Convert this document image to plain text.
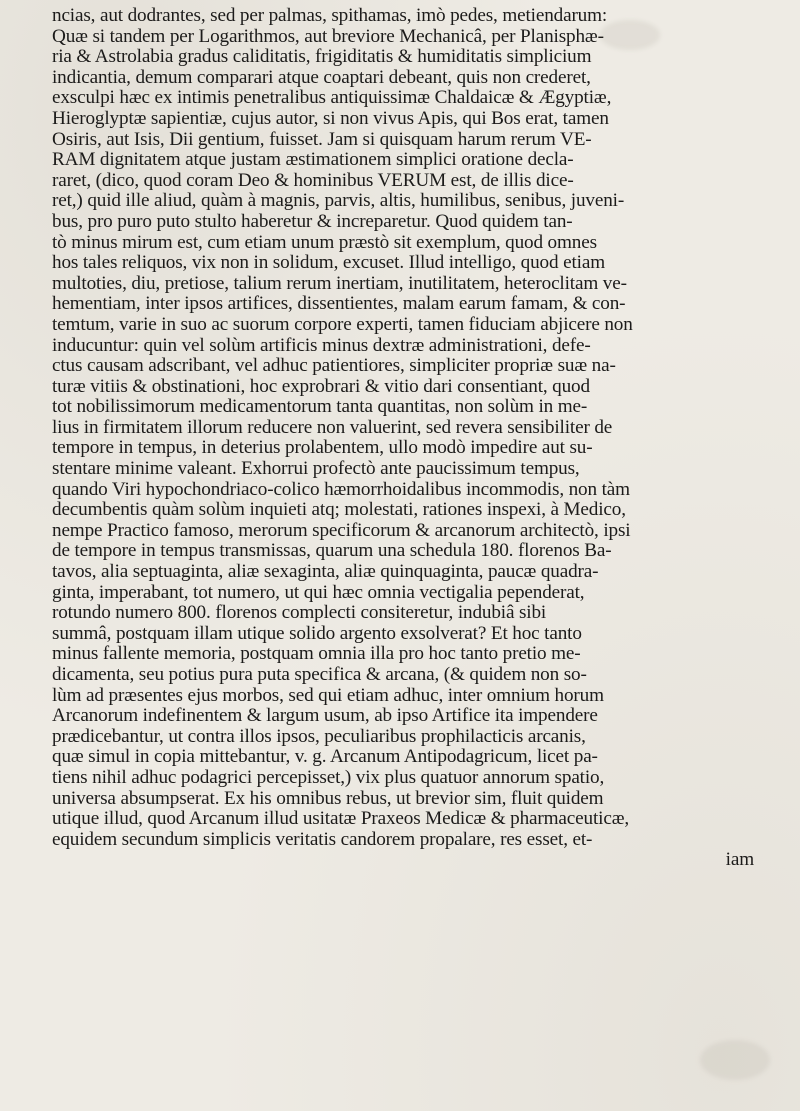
ncias, aut dodrantes, sed per palmas, spithamas, imò pedes, metiendarum:
Quæ si tandem per Logarithmos, aut breviore Mechanicâ, per Planisphæ-
ria & Astrolabia gradus caliditatis, frigiditatis & humiditatis simplicium
indicantia, demum comparari atque coaptari debeant, quis non crederet,
exsculpi hæc ex intimis penetralibus antiquissimæ Chaldaicæ & Ægyptiæ,
Hieroglyptæ sapientiæ, cujus autor, si non vivus Apis, qui Bos erat, tamen
Osiris, aut Isis, Dii gentium, fuisset. Jam si quisquam harum rerum VE-
RAM dignitatem atque justam æstimationem simplici oratione decla-
raret, (dico, quod coram Deo & hominibus VERUM est, de illis dice-
ret,) quid ille aliud, quàm à magnis, parvis, altis, humilibus, senibus, juveni-
bus, pro puro puto stulto haberetur & increparetur. Quod quidem tan-
tò minus mirum est, cum etiam unum præstò sit exemplum, quod omnes
hos tales reliquos, vix non in solidum, excuset. Illud intelligo, quod etiam
multoties, diu, pretiose, talium rerum inertiam, inutilitatem, heteroclitam ve-
hementiam, inter ipsos artifices, dissentientes, malam earum famam, & con-
temtum, varie in suo ac suorum corpore experti, tamen fiduciam abjicere non
inducuntur: quin vel solùm artificis minus dextræ administrationi, defe-
ctus causam adscribant, vel adhuc patientiores, simpliciter propriæ suæ na-
turæ vitiis & obstinationi, hoc exprobrari & vitio dari consentiant, quod
tot nobilissimorum medicamentorum tanta quantitas, non solùm in me-
lius in firmitatem illorum reducere non valuerint, sed revera sensibiliter de
tempore in tempus, in deterius prolabentem, ullo modò impedire aut su-
stentare minime valeant. Exhorrui profectò ante paucissimum tempus,
quando Viri hypochondriaco-colico hæmorrhoidalibus incommodis, non tàm
decumbentis quàm solùm inquieti atq; molestati, rationes inspexi, à Medico,
nempe Practico famoso, merorum specificorum & arcanorum architectò, ipsi
de tempore in tempus transmissas, quarum una schedula 180. florenos Ba-
tavos, alia septuaginta, aliæ sexaginta, aliæ quinquaginta, paucæ quadra-
ginta, imperabant, tot numero, ut qui hæc omnia vectigalia pependerat,
rotundo numero 800. florenos complecti consiteretur, indubiâ sibi
summâ, postquam illam utique solido argento exsolverat? Et hoc tanto
minus fallente memoria, postquam omnia illa pro hoc tanto pretio me-
dicamenta, seu potius pura puta specifica & arcana, (& quidem non so-
lùm ad præsentes ejus morbos, sed qui etiam adhuc, inter omnium horum
Arcanorum indefinentem & largum usum, ab ipso Artifice ita impendere
prædicebantur, ut contra illos ipsos, peculiaribus prophilacticis arcanis,
quæ simul in copia mittebantur, v. g. Arcanum Antipodagricum, licet pa-
tiens nihil adhuc podagrici percepisset,) vix plus quatuor annorum spatio,
universa absumpserat. Ex his omnibus rebus, ut brevior sim, fluit quidem
utique illud, quod Arcanum illud usitatæ Praxeos Medicæ & pharmaceuticæ,
equidem secundum simplicis veritatis candorem propalare, res esset, et-
iam
